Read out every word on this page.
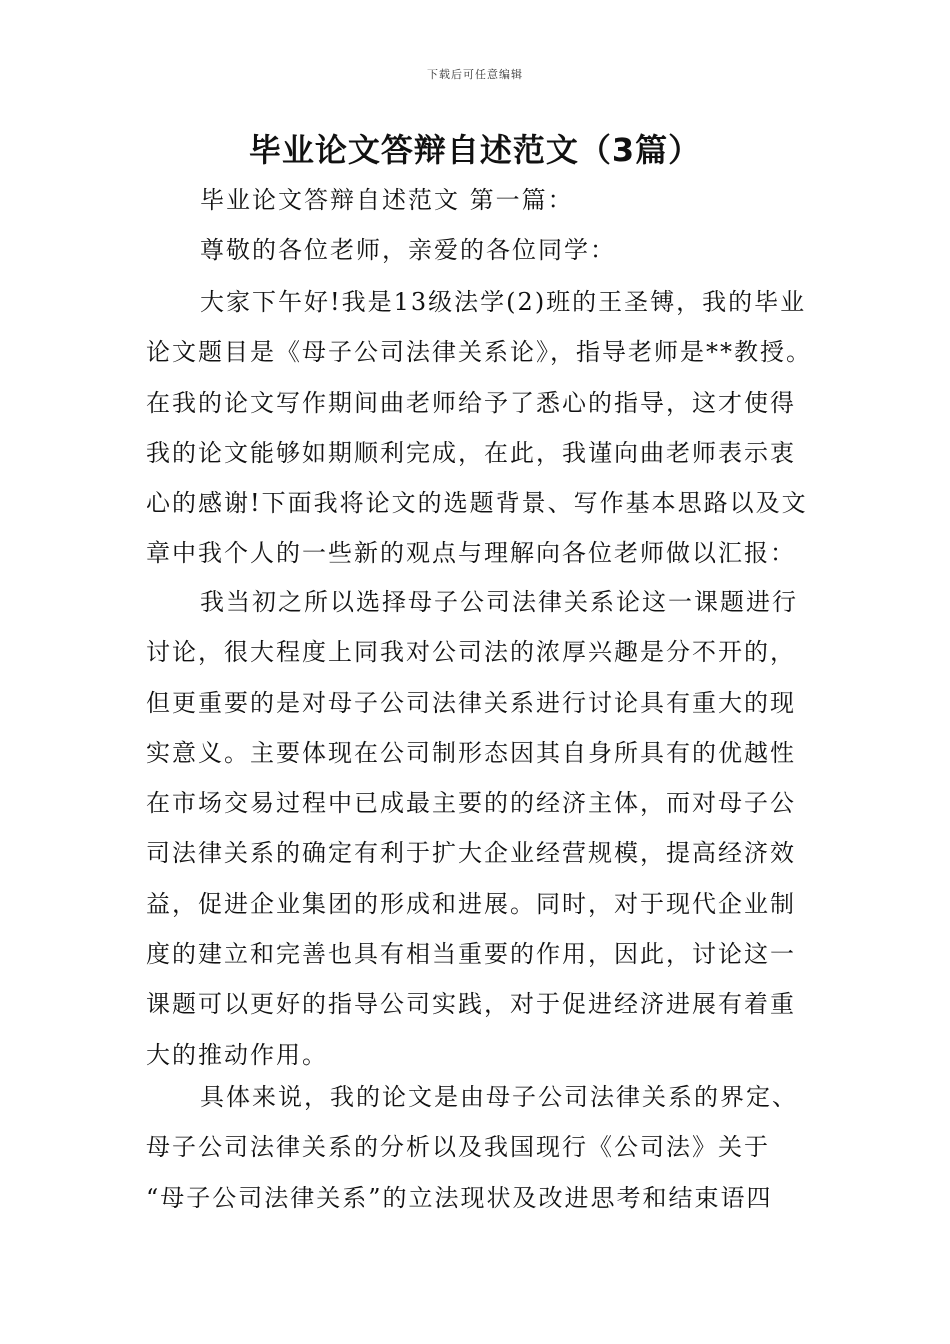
下载后可任意编辑
毕业论文答辩自述范文（3篇）
毕业论文答辩自述范文 第一篇：
尊敬的各位老师，亲爱的各位同学：

大家下午好!我是13级法学(2)班的王圣镈，我的毕业
论文题目是《母子公司法律关系论》，指导老师是**教授。
在我的论文写作期间曲老师给予了悉心的指导，这才使得
我的论文能够如期顺利完成，在此，我谨向曲老师表示衷
心的感谢!下面我将论文的选题背景、写作基本思路以及文
章中我个人的一些新的观点与理解向各位老师做以汇报：

我当初之所以选择母子公司法律关系论这一课题进行
讨论，很大程度上同我对公司法的浓厚兴趣是分不开的，
但更重要的是对母子公司法律关系进行讨论具有重大的现
实意义。主要体现在公司制形态因其自身所具有的优越性
在市场交易过程中已成最主要的的经济主体，而对母子公
司法律关系的确定有利于扩大企业经营规模，提高经济效
益，促进企业集团的形成和进展。同时，对于现代企业制
度的建立和完善也具有相当重要的作用，因此，讨论这一
课题可以更好的指导公司实践，对于促进经济进展有着重
大的推动作用。

具体来说，我的论文是由母子公司法律关系的界定、
母子公司法律关系的分析以及我国现行《公司法》关于
“母子公司法律关系”的立法现状及改进思考和结束语四
